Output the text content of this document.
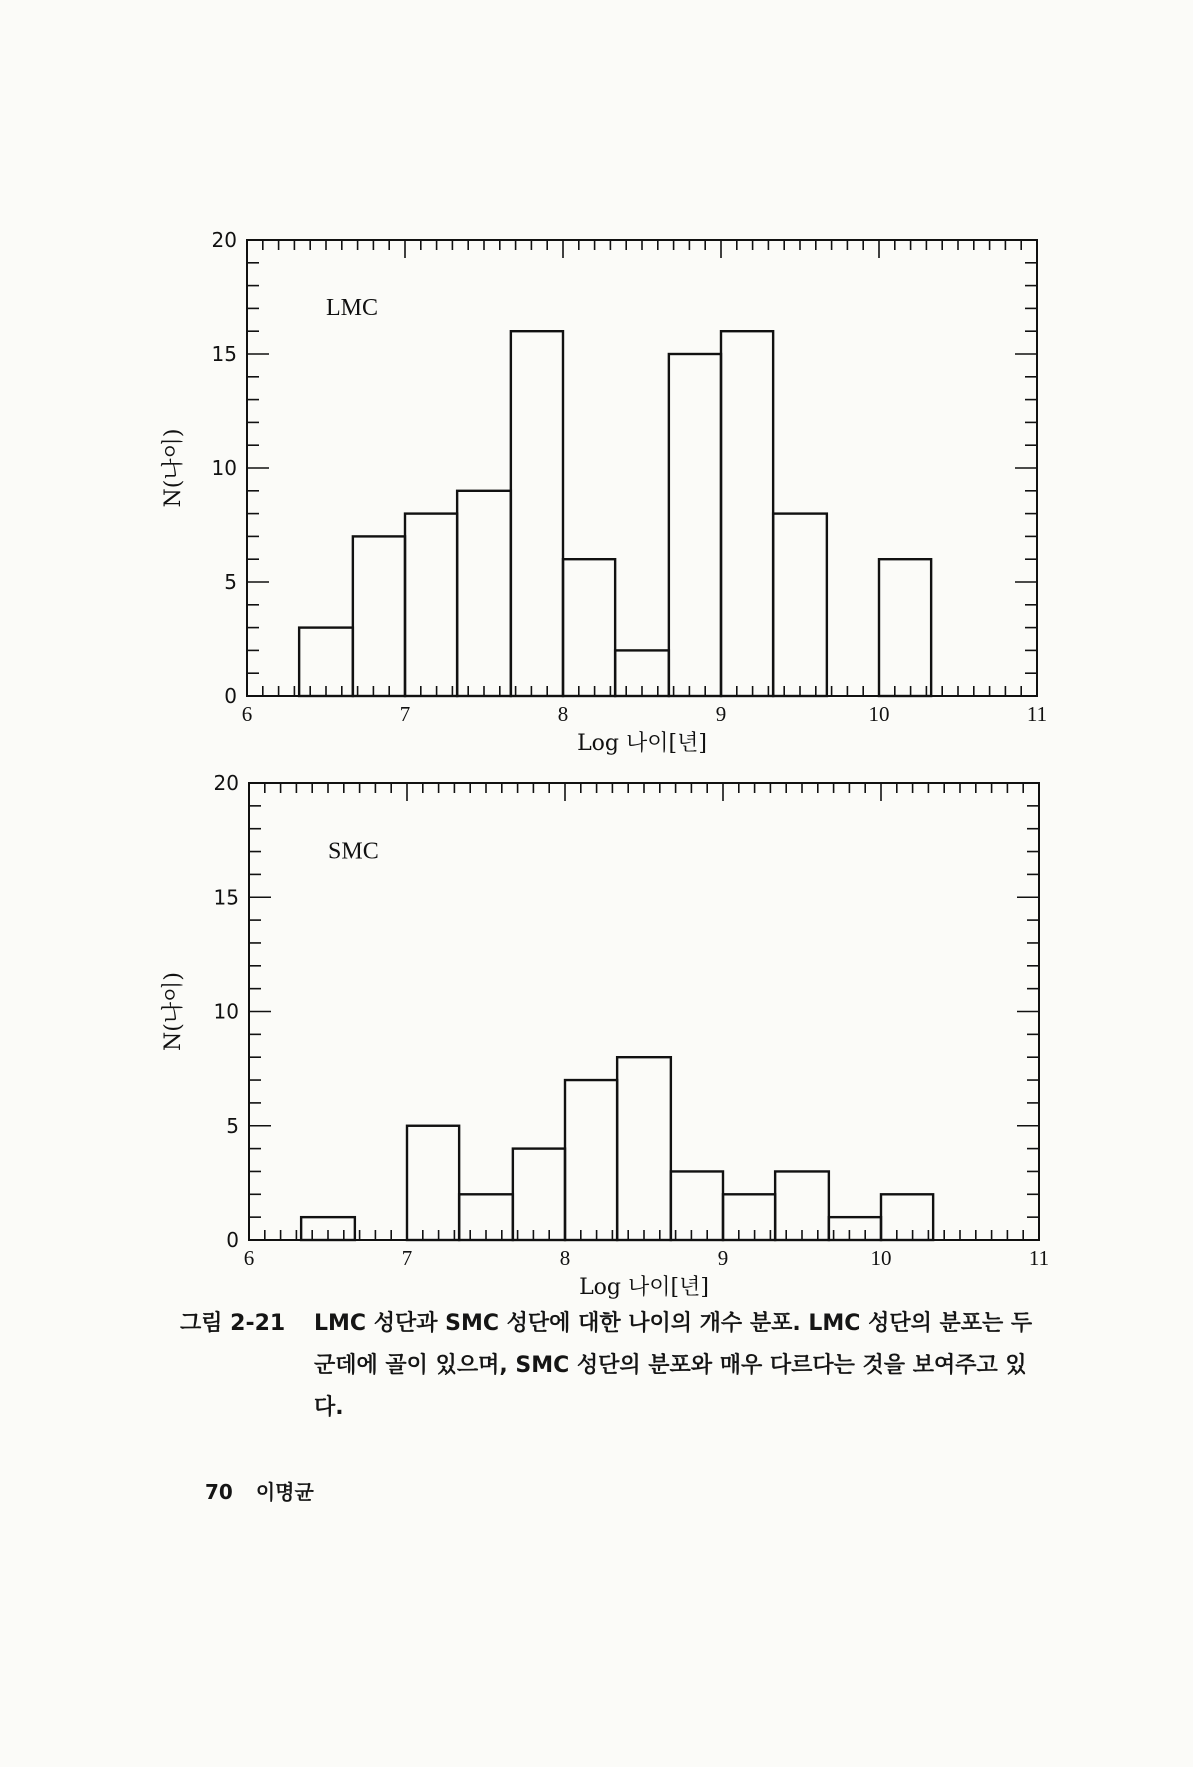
6	7	8	9	10	11
0
5
10
15
20
LMC
Log 나이[년]
N(나이)
6	7	8	9	10	11
0
5
10
15
20
SMC
Log 나이[년]
N(나이)
그림 2-21 LMC 성단과 SMC 성단에 대한 나이의 개수 분포. LMC 성단의 분포는 두 군데에 골이 있으며, SMC 성단의 분포와 매우 다르다는 것을 보여주고 있다.
70 이명균
